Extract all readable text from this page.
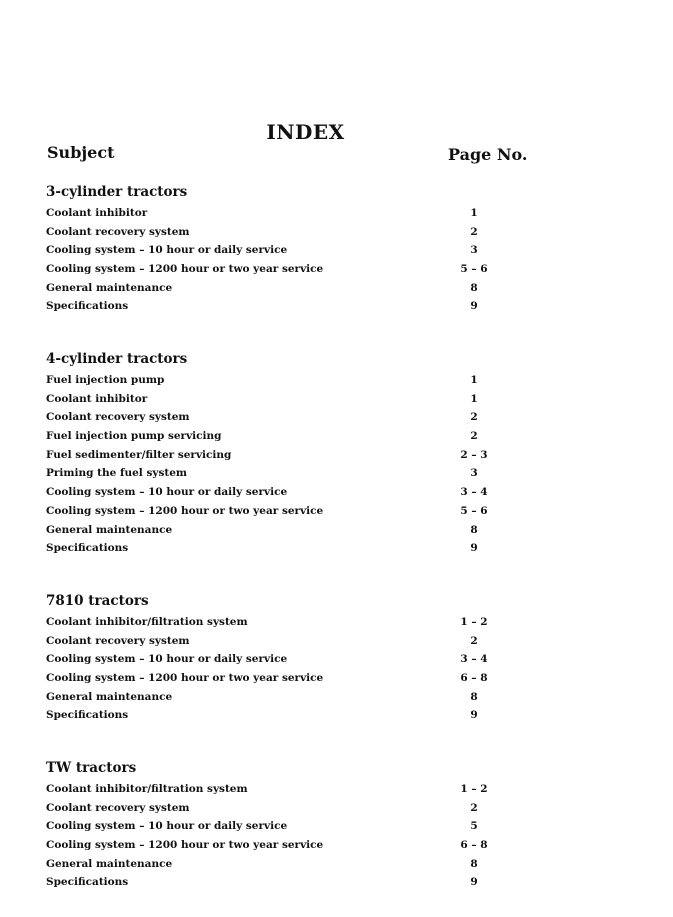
INDEX
Subject	Page No.
3-cylinder tractors
Coolant inhibitor	1
Coolant recovery system	2
Cooling system – 10 hour or daily service	3
Cooling system – 1200 hour or two year service	5 – 6
General maintenance	8
Specifications	9
4-cylinder tractors
Fuel injection pump	1
Coolant inhibitor	1
Coolant recovery system	2
Fuel injection pump servicing	2
Fuel sedimenter/filter servicing	2 – 3
Priming the fuel system	3
Cooling system – 10 hour or daily service	3 – 4
Cooling system – 1200 hour or two year service	5 – 6
General maintenance	8
Specifications	9
7810 tractors
Coolant inhibitor/filtration system	1 – 2
Coolant recovery system	2
Cooling system – 10 hour or daily service	3 – 4
Cooling system – 1200 hour or two year service	6 – 8
General maintenance	8
Specifications	9
TW tractors
Coolant inhibitor/filtration system	1 – 2
Coolant recovery system	2
Cooling system – 10 hour or daily service	5
Cooling system – 1200 hour or two year service	6 – 8
General maintenance	8
Specifications	9
